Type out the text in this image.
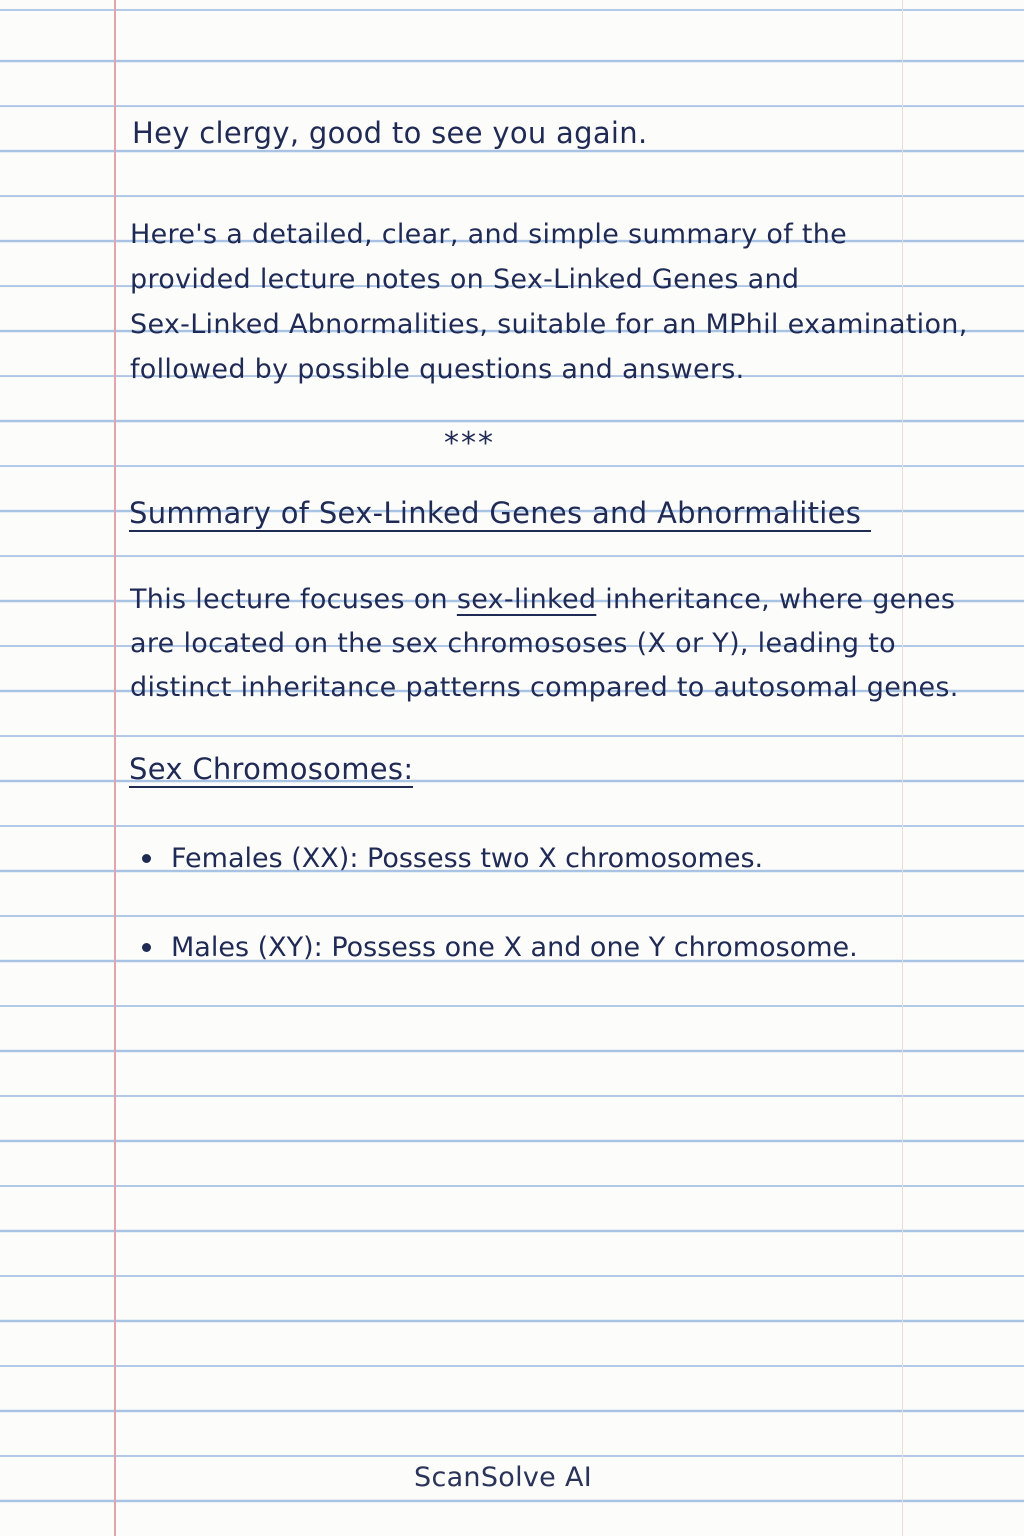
Hey clergy, good to see you again.

Here's a detailed, clear, and simple summary of the
provided lecture notes on Sex-Linked Genes and
Sex-Linked Abnormalities, suitable for an MPhil examination,
followed by possible questions and answers.

***

Summary of Sex-Linked Genes and Abnormalities

This lecture focuses on sex-linked inheritance, where genes
are located on the sex chromososes (X or Y), leading to
distinct inheritance patterns compared to autosomal genes.

Sex Chromosomes:

Females (XX): Possess two X chromosomes.
Males (XY): Possess one X and one Y chromosome.

ScanSolve AI
